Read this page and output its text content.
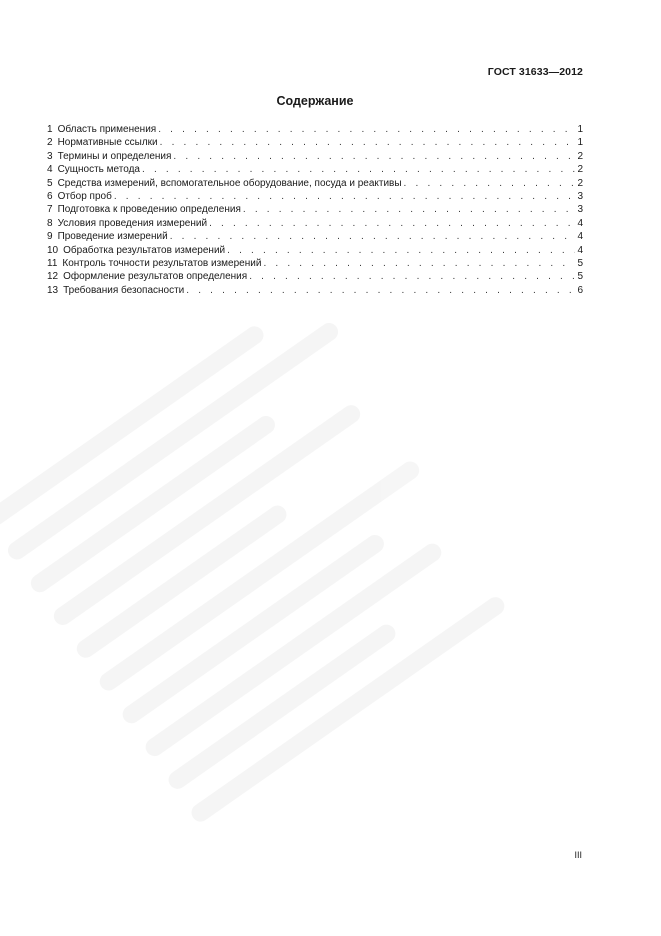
ГОСТ 31633—2012
Содержание
1 Область применения . . .	1
2 Нормативные ссылки . . .	1
3 Термины и определения . . .	2
4 Сущность метода . . .	2
5 Средства измерений, вспомогательное оборудование, посуда и реактивы . . .	2
6 Отбор проб . . .	3
7 Подготовка к проведению определения . . .	3
8 Условия проведения измерений . . .	4
9 Проведение измерений . . .	4
10 Обработка результатов измерений . . .	4
11 Контроль точности результатов измерений . . .	5
12 Оформление результатов определения . . .	5
13 Требования безопасности . . .	6
III
